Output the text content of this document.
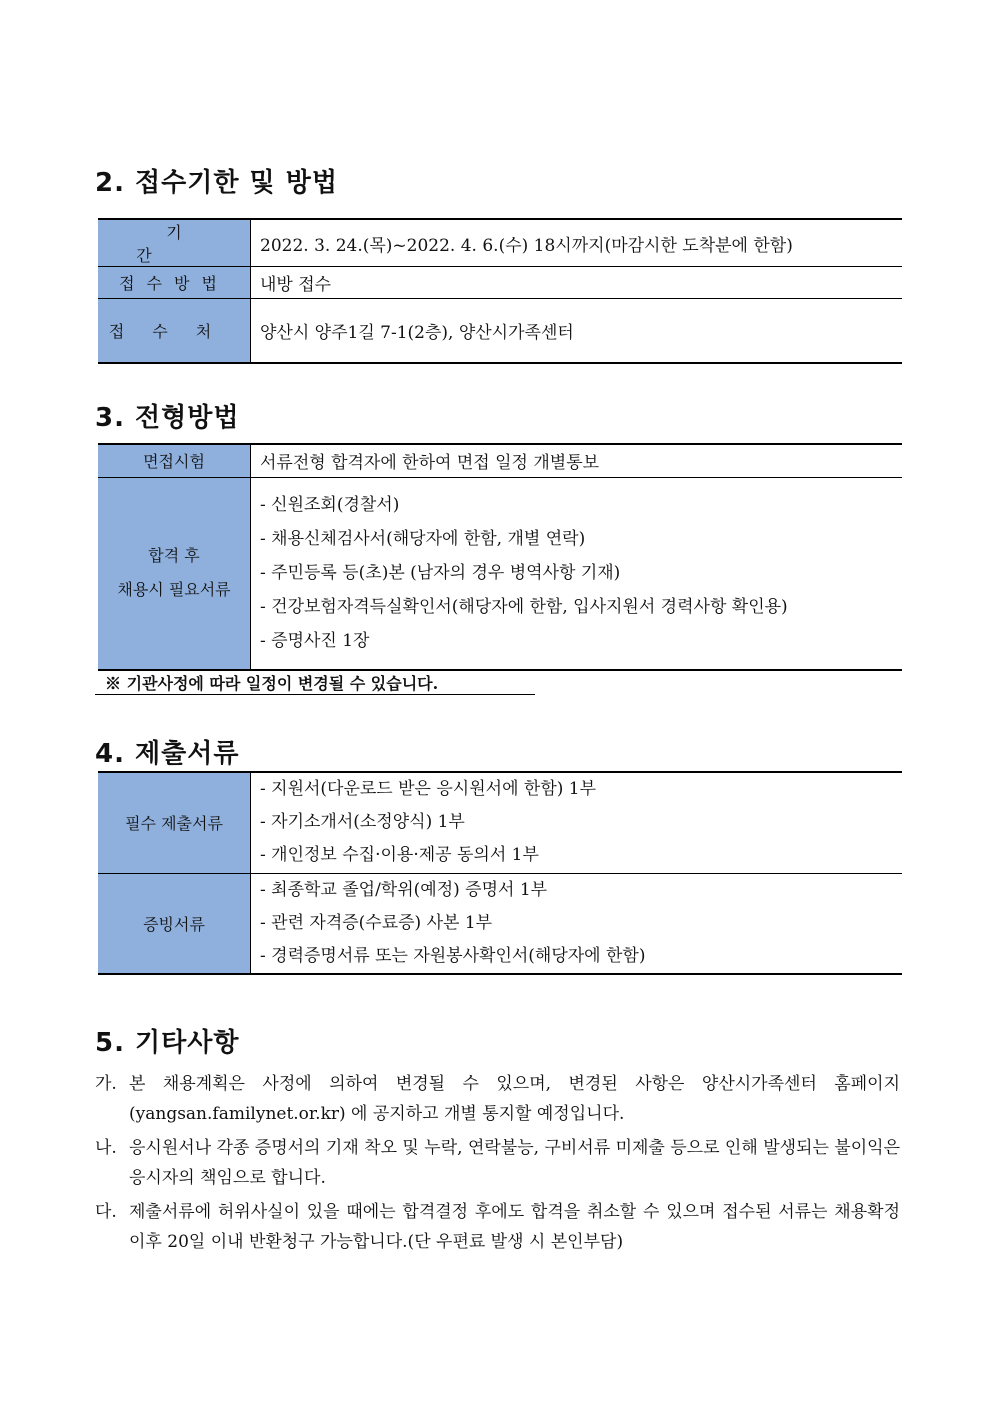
2. 접수기한 및 방법
기 간	2022. 3. 24.(목)~2022. 4. 6.(수) 18시까지(마감시한 도착분에 한함)
접수방법	내방 접수
접수처	양산시 양주1길 7-1(2층), 양산시가족센터
3. 전형방법
면접시험	서류전형 합격자에 한하여 면접 일정 개별통보

합격 후
채용시 필요서류	- 신원조회(경찰서)
- 채용신체검사서(해당자에 한함, 개별 연락)
- 주민등록 등(초)본 (남자의 경우 병역사항 기재)
- 건강보험자격득실확인서(해당자에 한함, 입사지원서 경력사항 확인용)
- 증명사진 1장
※ 기관사정에 따라 일정이 변경될 수 있습니다.
4. 제출서류
필수 제출서류	- 지원서(다운로드 받은 응시원서에 한함) 1부
- 자기소개서(소정양식) 1부
- 개인정보 수집·이용·제공 동의서 1부

증빙서류	- 최종학교 졸업/학위(예정) 증명서 1부
- 관련 자격증(수료증) 사본 1부
- 경력증명서류 또는 자원봉사확인서(해당자에 한함)
5. 기타사항
가. 본 채용계획은 사정에 의하여 변경될 수 있으며, 변경된 사항은 양산시가족센터 홈페이지 (yangsan.familynet.or.kr) 에 공지하고 개별 통지할 예정입니다.
나. 응시원서나 각종 증명서의 기재 착오 및 누락, 연락불능, 구비서류 미제출 등으로 인해 발생되는 불이익은 응시자의 책임으로 합니다.
다. 제출서류에 허위사실이 있을 때에는 합격결정 후에도 합격을 취소할 수 있으며 접수된 서류는 채용확정 이후 20일 이내 반환청구 가능합니다.(단 우편료 발생 시 본인부담)
